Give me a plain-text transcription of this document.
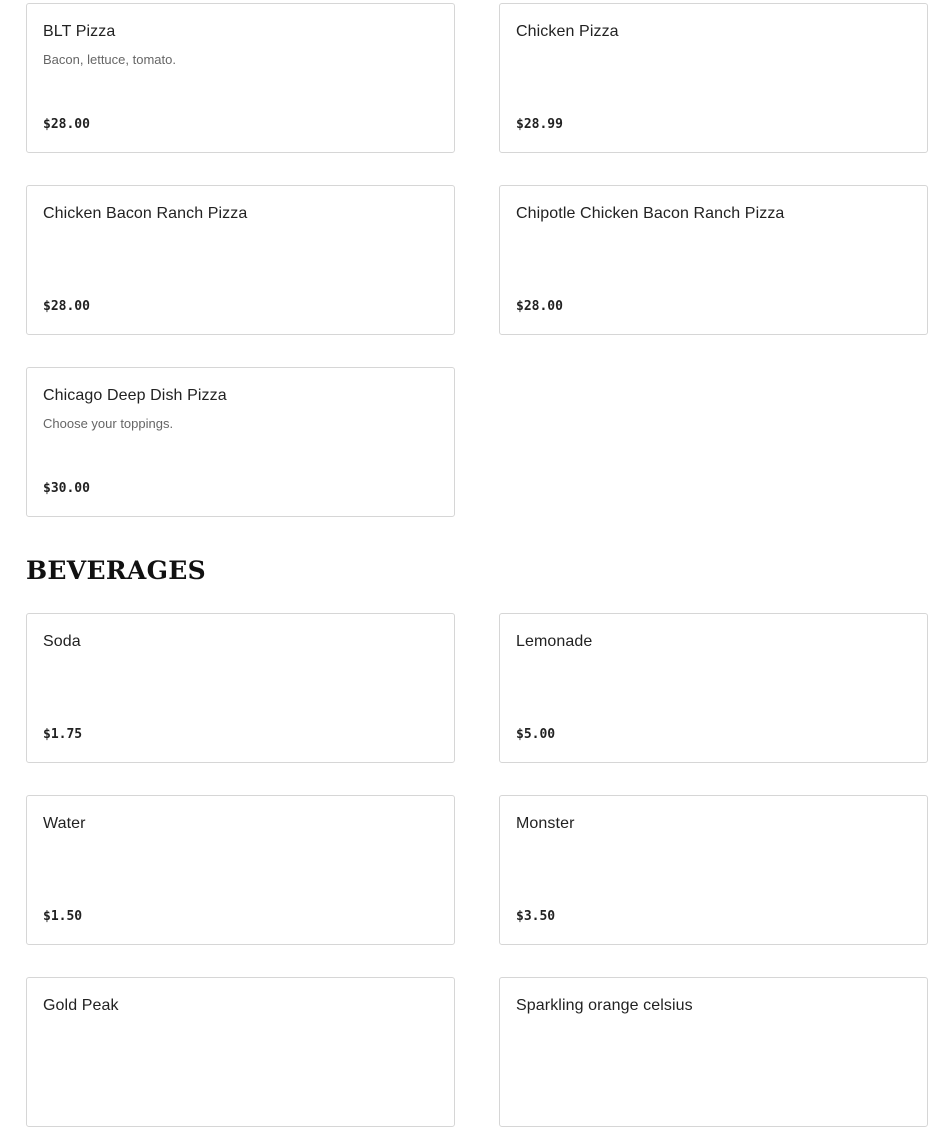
BLT Pizza
Bacon, lettuce, tomato.
$28.00
Chicken Pizza
$28.99
Chicken Bacon Ranch Pizza
$28.00
Chipotle Chicken Bacon Ranch Pizza
$28.00
Chicago Deep Dish Pizza
Choose your toppings.
$30.00
BEVERAGES
Soda
$1.75
Lemonade
$5.00
Water
$1.50
Monster
$3.50
Gold Peak	Sparkling orange celsius
